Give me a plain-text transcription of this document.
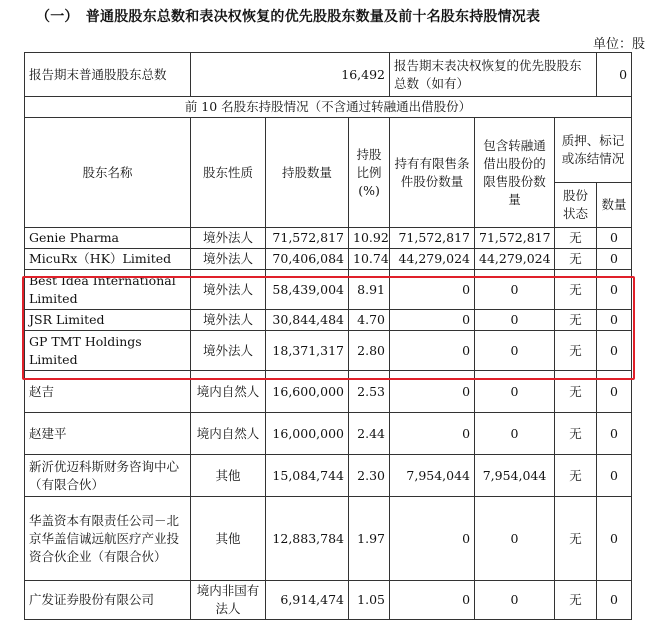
（一）　普通股股东总数和表决权恢复的优先股股东数量及前十名股东持股情况表
单位：股
报告期末普通股股东总数	16,492			报告期末表决权恢复的优先股股东总数（如有）			0
前 10 名股东持股情况（不含通过转融通出借股份）							
股东名称	股东性质	持股数量	持股比例(%)	持有有限售条件股份数量	包含转融通借出股份的限售股份数量	质押、标记或冻结情况	
						股份状态	数量
Genie Pharma	境外法人	71,572,817	10.92	71,572,817	71,572,817	无	0
MicuRx（HK）Limited	境外法人	70,406,084	10.74	44,279,024	44,279,024	无	0
Best Idea International Limited	境外法人	58,439,004	8.91	0	0	无	0
JSR Limited	境外法人	30,844,484	4.70	0	0	无	0
GP TMT Holdings Limited	境外法人	18,371,317	2.80	0	0	无	0
赵吉	境内自然人	16,600,000	2.53	0	0	无	0
赵建平	境内自然人	16,000,000	2.44	0	0	无	0
新沂优迈科斯财务咨询中心（有限合伙）	其他	15,084,744	2.30	7,954,044	7,954,044	无	0
华盖资本有限责任公司－北京华盖信诚远航医疗产业投资合伙企业（有限合伙）	其他	12,883,784	1.97	0	0	无	0
广发证券股份有限公司	境内非国有法人	6,914,474	1.05	0	0	无	0
